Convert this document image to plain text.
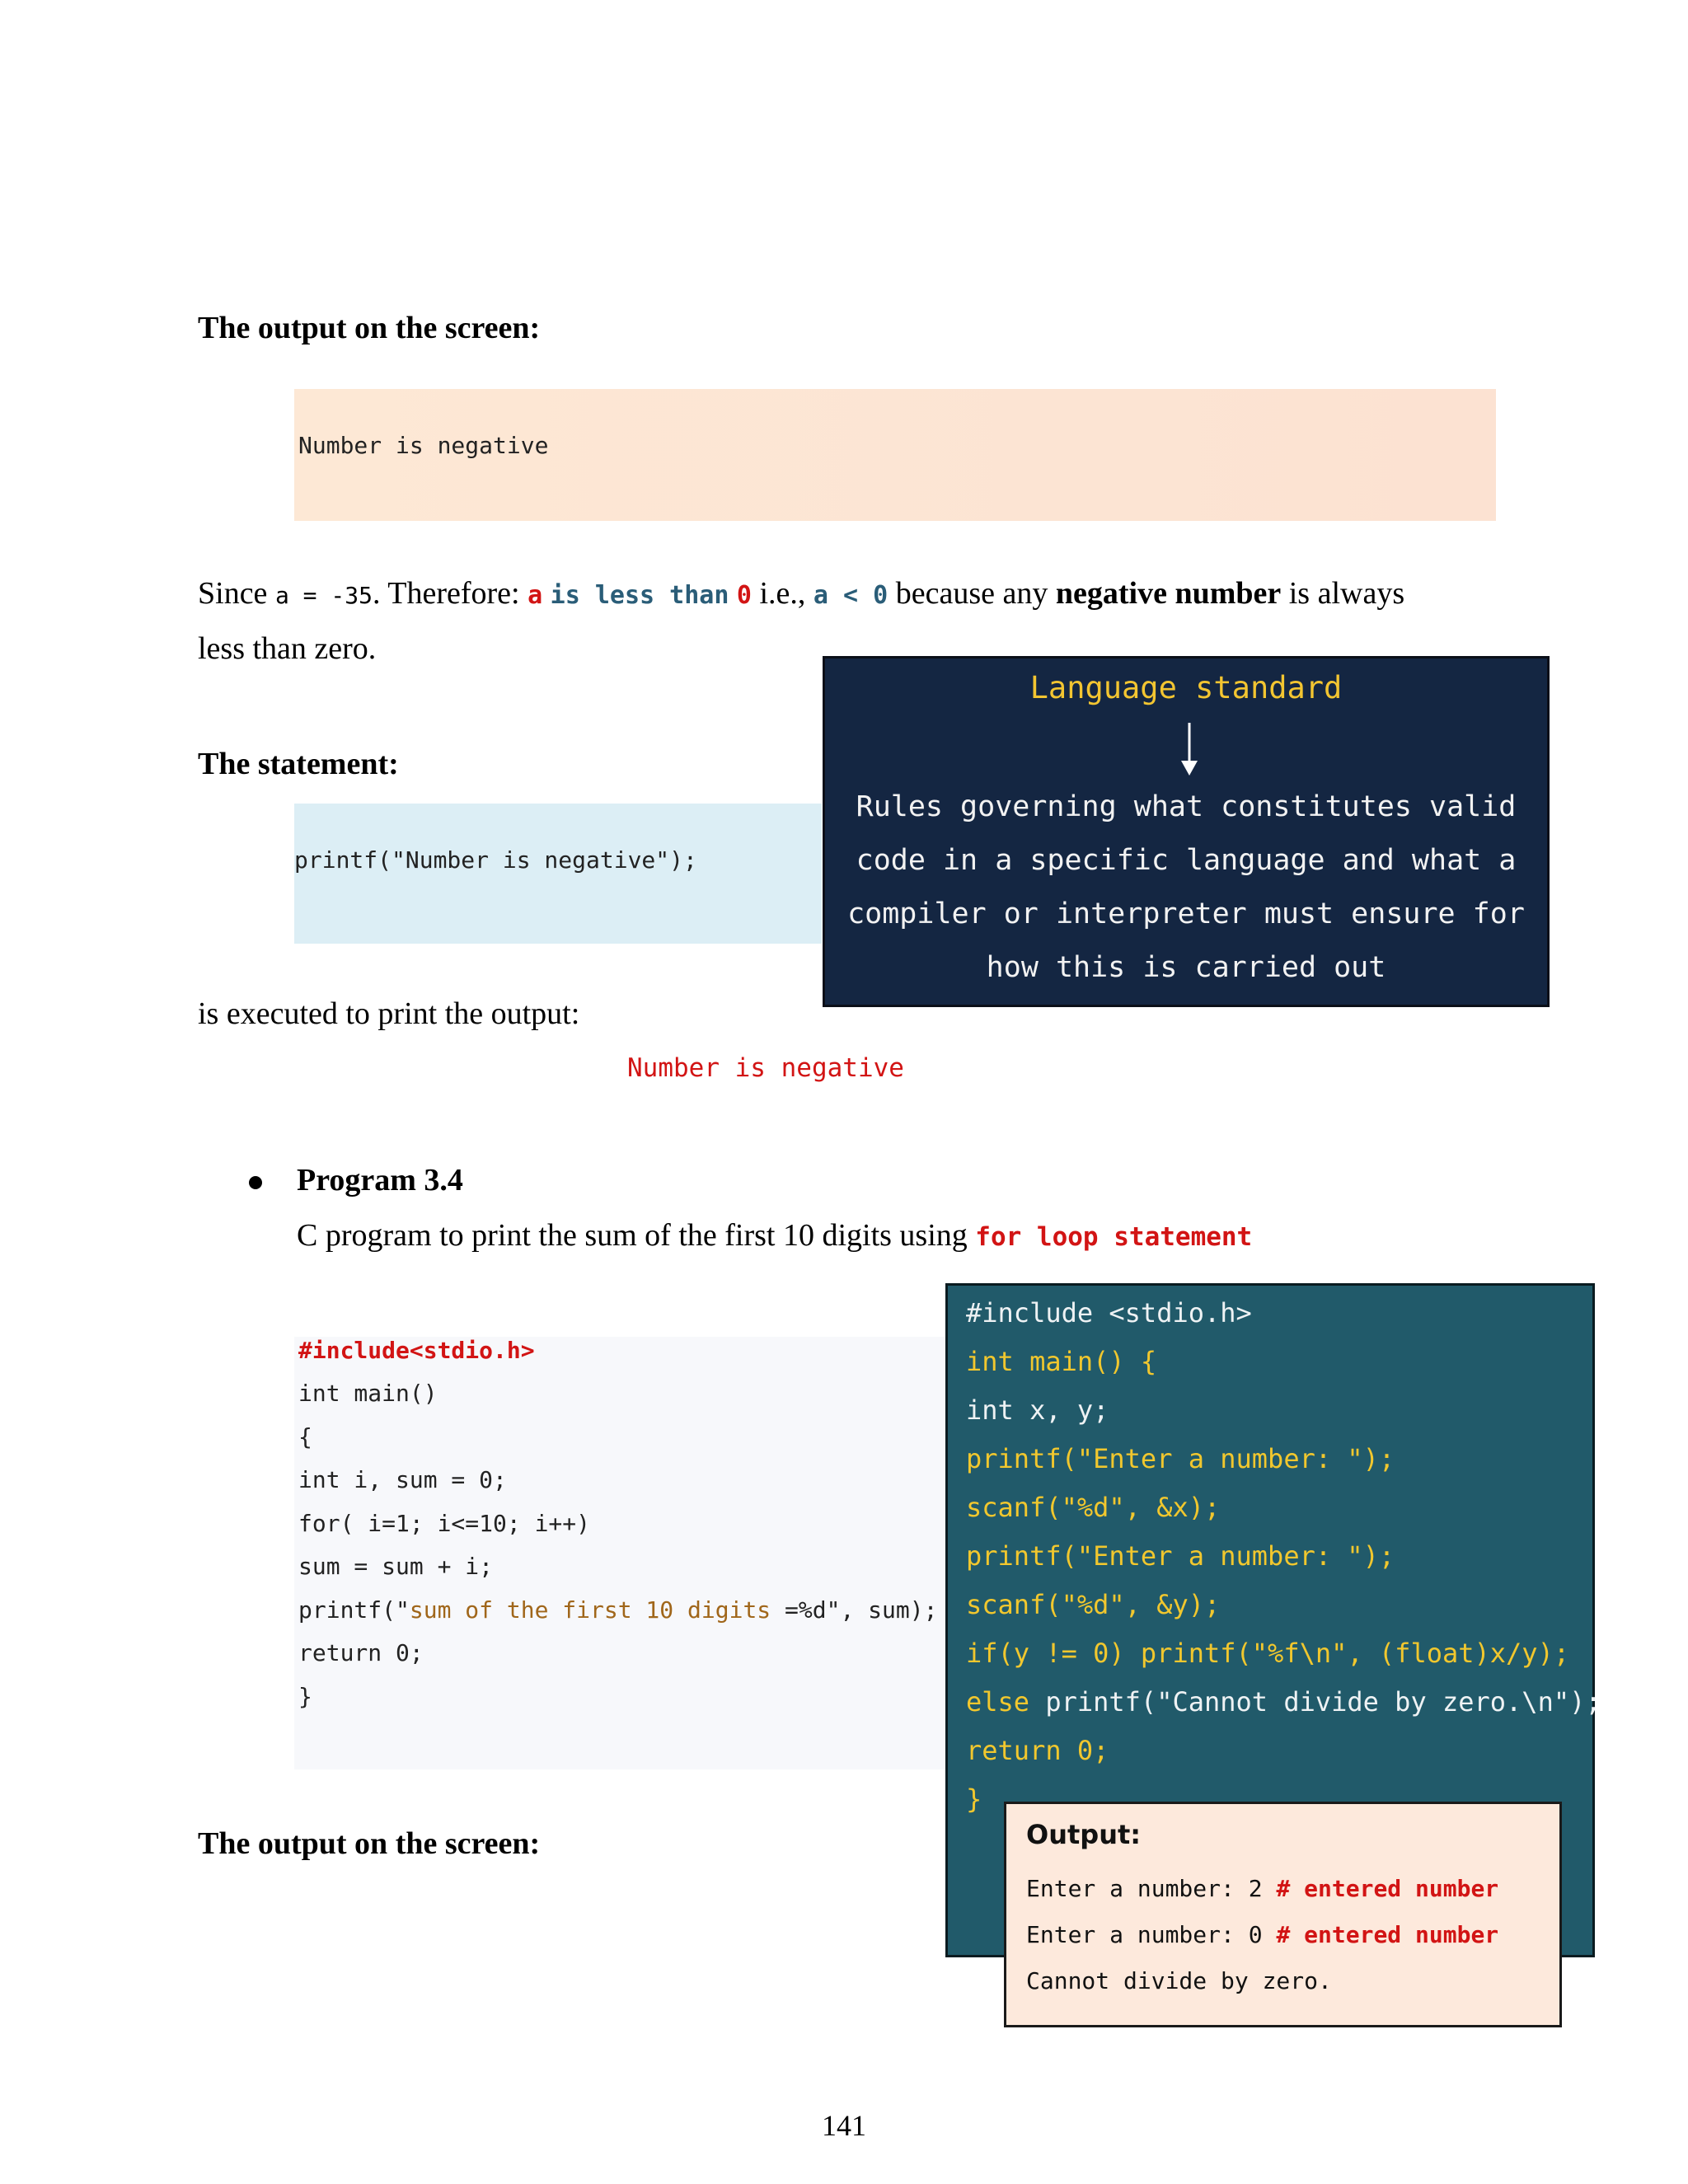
The output on the screen:
Number is negative
Since a = -35. Therefore: a is less than 0 i.e., a < 0 because any negative number is always
less than zero.
The statement:
printf("Number is negative");
Language standard
Rules governing what constitutes valid
code in a specific language and what a
compiler or interpreter must ensure for
how this is carried out
is executed to print the output:
Number is negative
Program 3.4
C program to print the sum of the first 10 digits using for loop statement
#include<stdio.h>
int main()
{
int i, sum = 0;
for( i=1; i<=10; i++)
sum = sum + i;
printf("sum of the first 10 digits =%d", sum);
return 0;
}
The output on the screen:
#include <stdio.h>
int main() {
int x, y;
printf("Enter a number: ");
scanf("%d", &x);
printf("Enter a number: ");
scanf("%d", &y);
if(y != 0) printf("%f\n", (float)x/y);
else printf("Cannot divide by zero.\n");
return 0;
}
Output:
Enter a number: 2 # entered number
Enter a number: 0 # entered number
Cannot divide by zero.
141
